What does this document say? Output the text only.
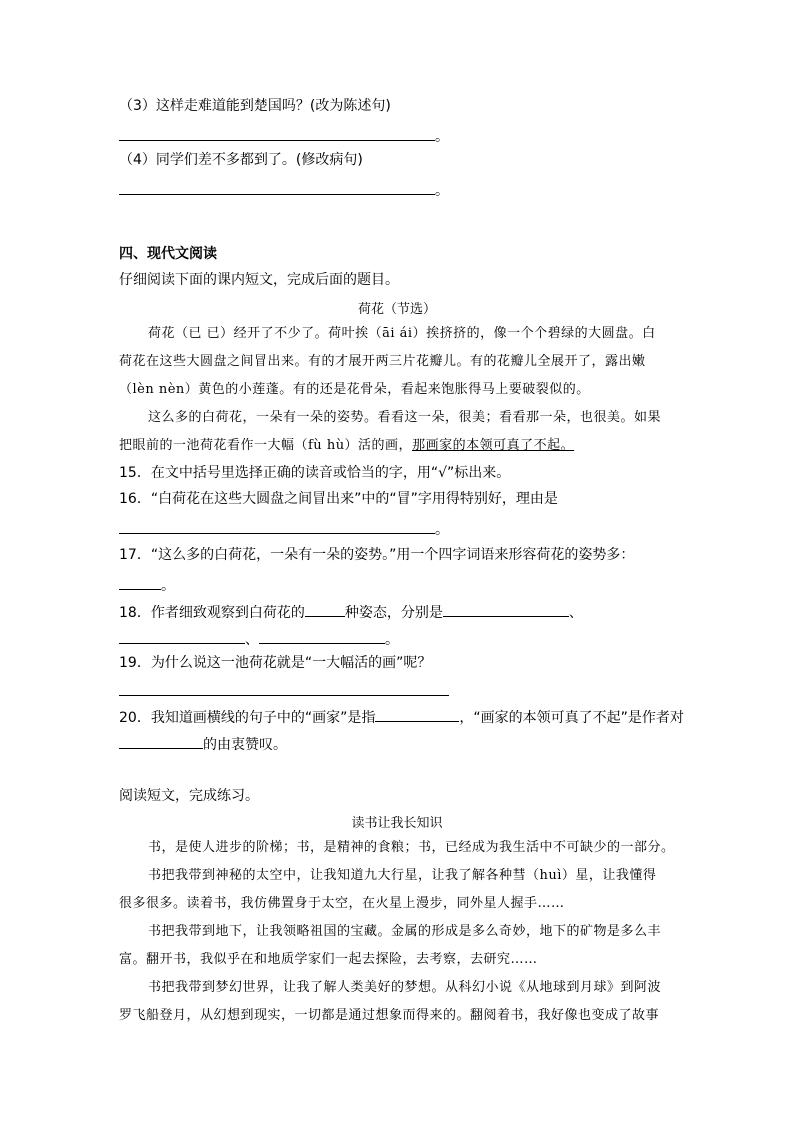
（3）这样走难道能到楚国吗？(改为陈述句)
。
（4）同学们差不多都到了。(修改病句)
。
四、现代文阅读
仔细阅读下面的课内短文，完成后面的题目。
荷花（节选）
荷花（已 已）经开了不少了。荷叶挨（āi ái）挨挤挤的，像一个个碧绿的大圆盘。白
荷花在这些大圆盘之间冒出来。有的才展开两三片花瓣儿。有的花瓣儿全展开了，露出嫩
（lèn nèn）黄色的小莲蓬。有的还是花骨朵，看起来饱胀得马上要破裂似的。
这么多的白荷花，一朵有一朵的姿势。看看这一朵，很美；看看那一朵，也很美。如果
把眼前的一池荷花看作一大幅（fù hù）活的画，那画家的本领可真了不起。
15．在文中括号里选择正确的读音或恰当的字，用“√”标出来。
16．“白荷花在这些大圆盘之间冒出来”中的“冒”字用得特别好，理由是
。
17．“这么多的白荷花，一朵有一朵的姿势。”用一个四字词语来形容荷花的姿势多：
。
18．作者细致观察到白荷花的	种姿态，分别是	、
、	。
19．为什么说这一池荷花就是“一大幅活的画”呢？
20．我知道画横线的句子中的“画家”是指	，“画家的本领可真了不起”是作者对
的由衷赞叹。
阅读短文，完成练习。
读书让我长知识
书，是使人进步的阶梯；书，是精神的食粮；书，已经成为我生活中不可缺少的一部分。
书把我带到神秘的太空中，让我知道九大行星，让我了解各种彗（huì）星，让我懂得
很多很多。读着书，我仿佛置身于太空，在火星上漫步，同外星人握手……
书把我带到地下，让我领略祖国的宝藏。金属的形成是多么奇妙，地下的矿物是多么丰
富。翻开书，我似乎在和地质学家们一起去探险，去考察，去研究……
书把我带到梦幻世界，让我了解人类美好的梦想。从科幻小说《从地球到月球》到阿波
罗飞船登月，从幻想到现实，一切都是通过想象而得来的。翻阅着书，我好像也变成了故事
